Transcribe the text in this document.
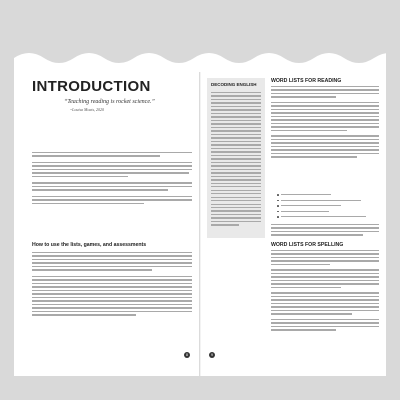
INTRODUCTION
“Teaching reading is rocket science.”
~Louisa Moats, 2020
How to use the lists, games, and assessments
8
DECODING ENGLISH
WORD LISTS FOR READING
WORD LISTS FOR SPELLING
9
